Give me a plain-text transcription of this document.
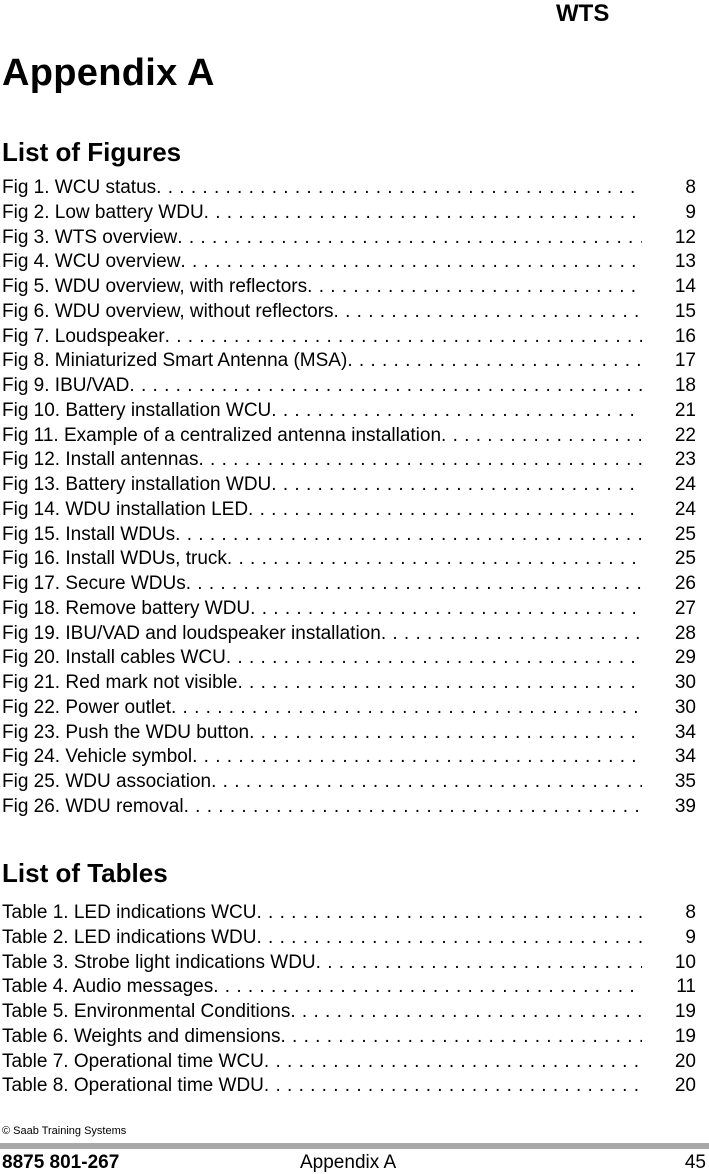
WTS
Appendix A
List of Figures
Fig 1. WCU status . . .	8
Fig 2. Low battery WDU . . .	9
Fig 3. WTS overview . . .	12
Fig 4. WCU overview . . .	13
Fig 5. WDU overview, with reflectors . . .	14
Fig 6. WDU overview, without reflectors . . .	15
Fig 7. Loudspeaker . . .	16
Fig 8. Miniaturized Smart Antenna (MSA) . . .	17
Fig 9. IBU/VAD . . .	18
Fig 10. Battery installation WCU . . .	21
Fig 11. Example of a centralized antenna installation . . .	22
Fig 12. Install antennas . . .	23
Fig 13. Battery installation WDU . . .	24
Fig 14. WDU installation LED . . .	24
Fig 15. Install WDUs . . .	25
Fig 16. Install WDUs, truck . . .	25
Fig 17. Secure WDUs . . .	26
Fig 18. Remove battery WDU . . .	27
Fig 19. IBU/VAD and loudspeaker installation . . .	28
Fig 20. Install cables WCU . . .	29
Fig 21. Red mark not visible . . .	30
Fig 22. Power outlet . . .	30
Fig 23. Push the WDU button . . .	34
Fig 24. Vehicle symbol . . .	34
Fig 25. WDU association . . .	35
Fig 26. WDU removal . . .	39
List of Tables
Table 1. LED indications WCU . . .	8
Table 2. LED indications WDU . . .	9
Table 3. Strobe light indications WDU . . .	10
Table 4. Audio messages . . .	11
Table 5. Environmental Conditions . . .	19
Table 6. Weights and dimensions . . .	19
Table 7. Operational time WCU . . .	20
Table 8. Operational time WDU . . .	20
© Saab Training Systems
8875 801-267	Appendix A	45
